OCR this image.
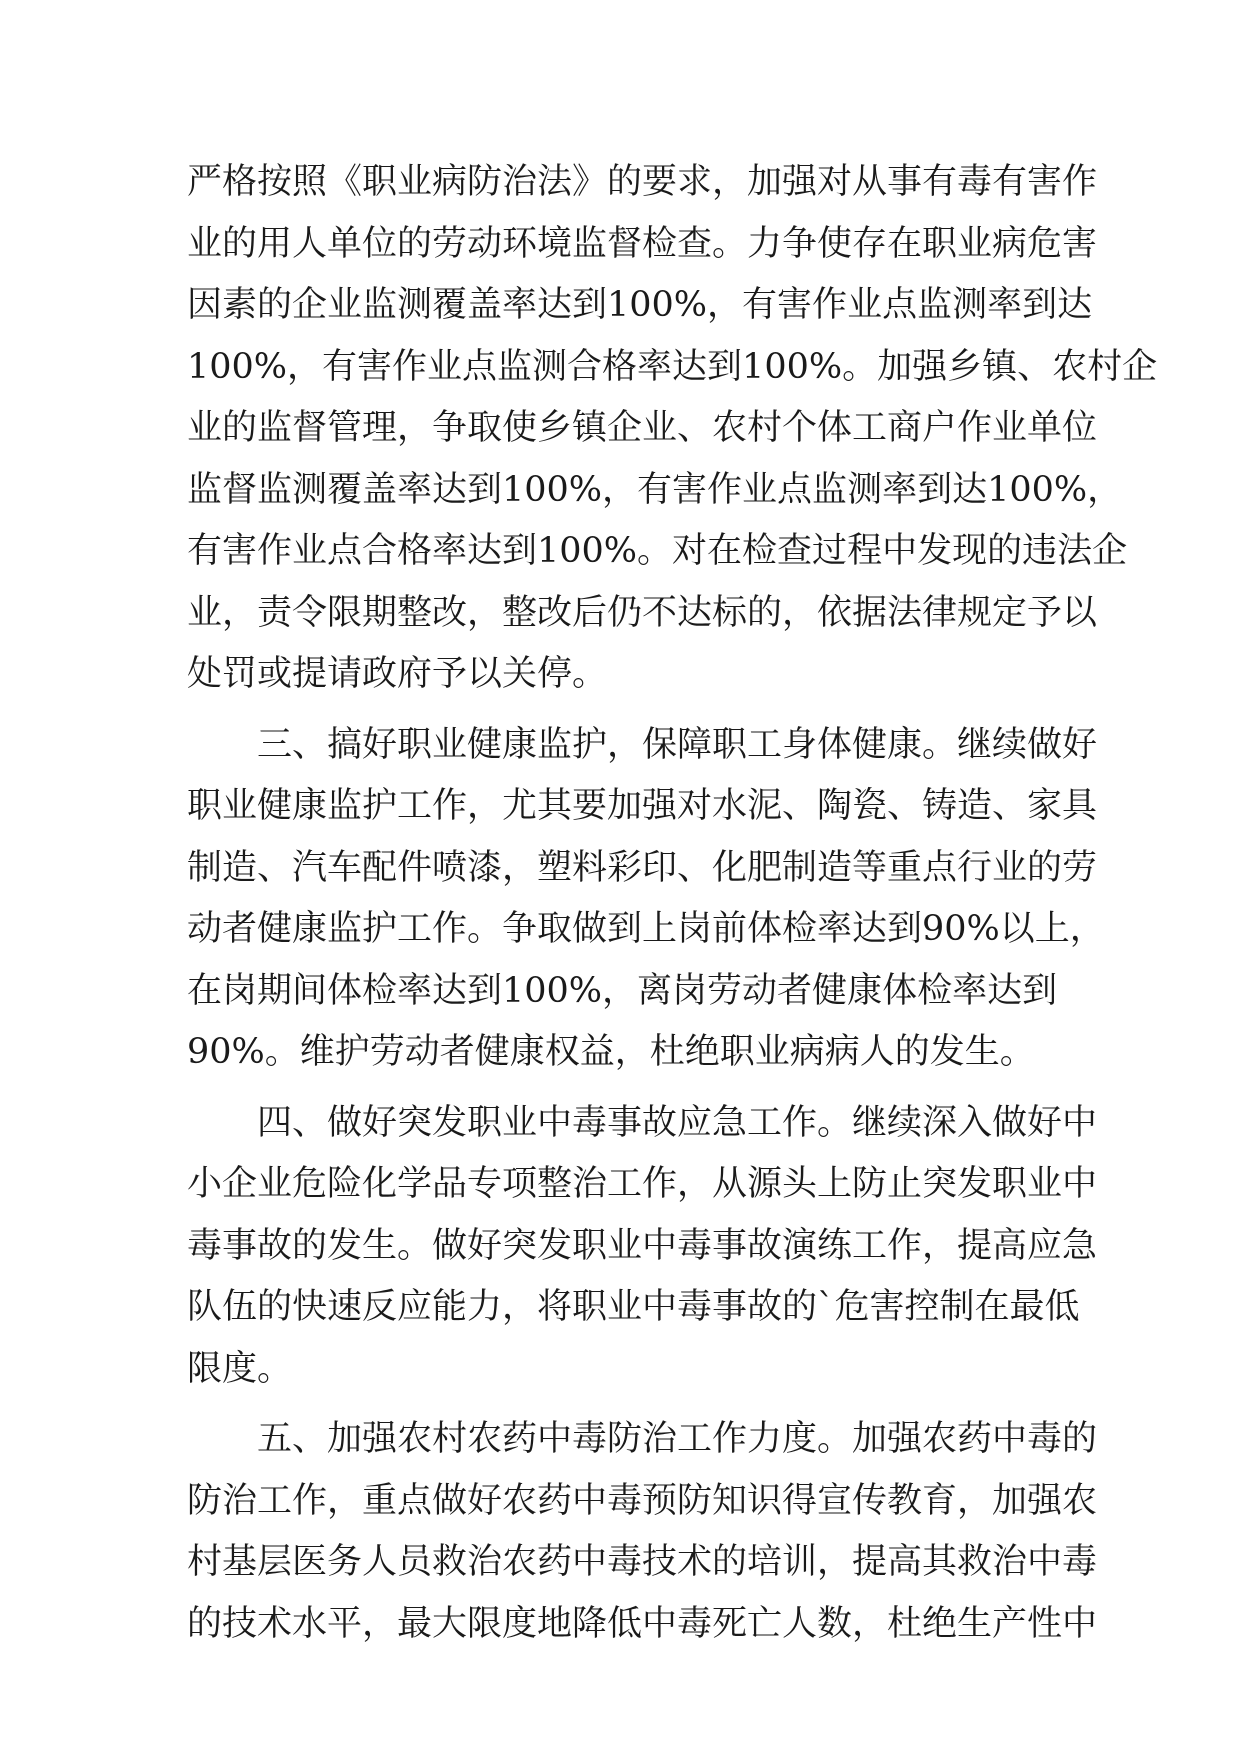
严格按照《职业病防治法》的要求，加强对从事有毒有害作
业的用人单位的劳动环境监督检查。力争使存在职业病危害
因素的企业监测覆盖率达到100%，有害作业点监测率到达
100%，有害作业点监测合格率达到100%。加强乡镇、农村企
业的监督管理，争取使乡镇企业、农村个体工商户作业单位
监督监测覆盖率达到100%，有害作业点监测率到达100%，
有害作业点合格率达到100%。对在检查过程中发现的违法企
业，责令限期整改，整改后仍不达标的，依据法律规定予以
处罚或提请政府予以关停。
　　三、搞好职业健康监护，保障职工身体健康。继续做好
职业健康监护工作，尤其要加强对水泥、陶瓷、铸造、家具
制造、汽车配件喷漆，塑料彩印、化肥制造等重点行业的劳
动者健康监护工作。争取做到上岗前体检率达到90%以上，
在岗期间体检率达到100%，离岗劳动者健康体检率达到
90%。维护劳动者健康权益，杜绝职业病病人的发生。
　　四、做好突发职业中毒事故应急工作。继续深入做好中
小企业危险化学品专项整治工作，从源头上防止突发职业中
毒事故的发生。做好突发职业中毒事故演练工作，提高应急
队伍的快速反应能力，将职业中毒事故的`危害控制在最低
限度。
　　五、加强农村农药中毒防治工作力度。加强农药中毒的
防治工作，重点做好农药中毒预防知识得宣传教育，加强农
村基层医务人员救治农药中毒技术的培训，提高其救治中毒
的技术水平，最大限度地降低中毒死亡人数，杜绝生产性中
